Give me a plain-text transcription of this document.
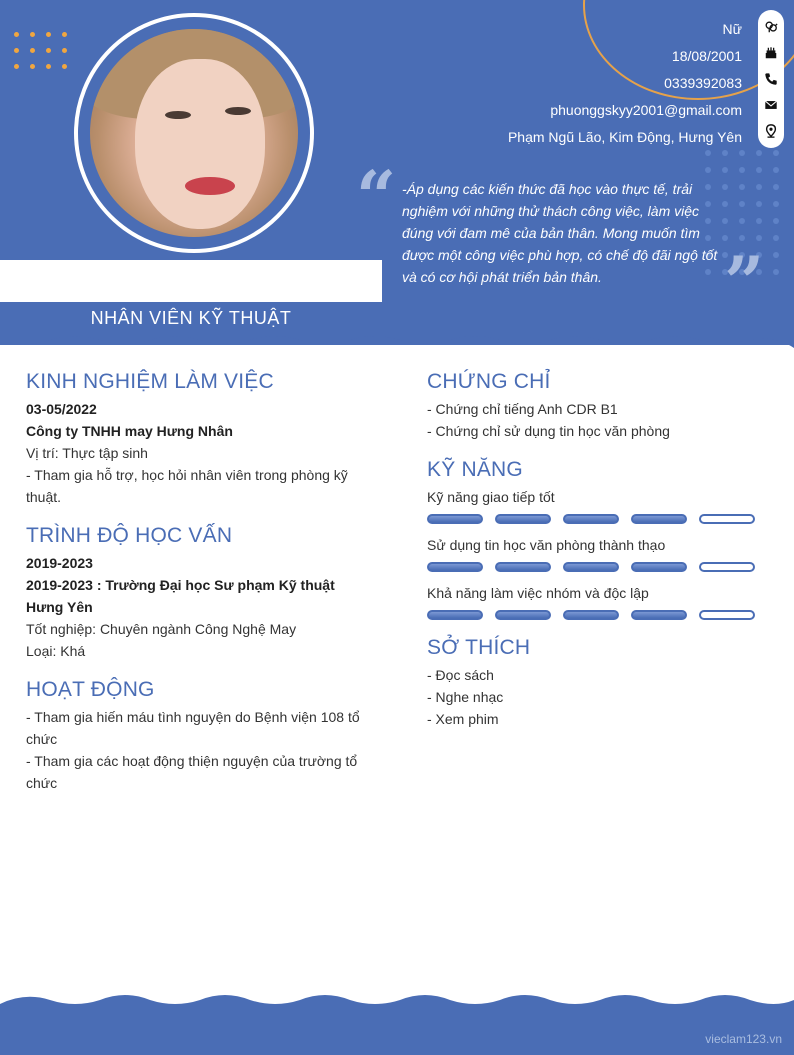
NHÂN VIÊN KỸ THUẬT
Nữ
18/08/2001
0339392083
phuonggskyy2001@gmail.com
Phạm Ngũ Lão, Kim Động, Hưng Yên
“ -Áp dụng các kiến thức đã học vào thực tế, trải nghiệm với những thử thách công việc, làm việc đúng với đam mê của bản thân. Mong muốn tìm được một công việc phù hợp, có chế độ đãi ngộ tốt và có cơ hội phát triển bản thân.	”
KINH NGHIỆM LÀM VIỆC
03-05/2022
Công ty TNHH may Hưng Nhân
Vị trí: Thực tập sinh
- Tham gia hỗ trợ, học hỏi nhân viên trong phòng kỹ thuật.
TRÌNH ĐỘ HỌC VẤN
2019-2023
2019-2023 : Trường Đại học Sư phạm Kỹ thuật Hưng Yên
Tốt nghiệp: Chuyên ngành Công Nghệ May
Loại: Khá
HOẠT ĐỘNG
- Tham gia hiến máu tình nguyện do Bệnh viện 108 tổ chức
- Tham gia các hoạt động thiện nguyện của trường tổ chức
CHỨNG CHỈ
- Chứng chỉ tiếng Anh CDR B1
- Chứng chỉ sử dụng tin học văn phòng
KỸ NĂNG
Kỹ năng giao tiếp tốt
Sử dụng tin học văn phòng thành thạo
Khả năng làm việc nhóm và độc lập
SỞ THÍCH
- Đọc sách
- Nghe nhạc
- Xem phim
vieclam123.vn
